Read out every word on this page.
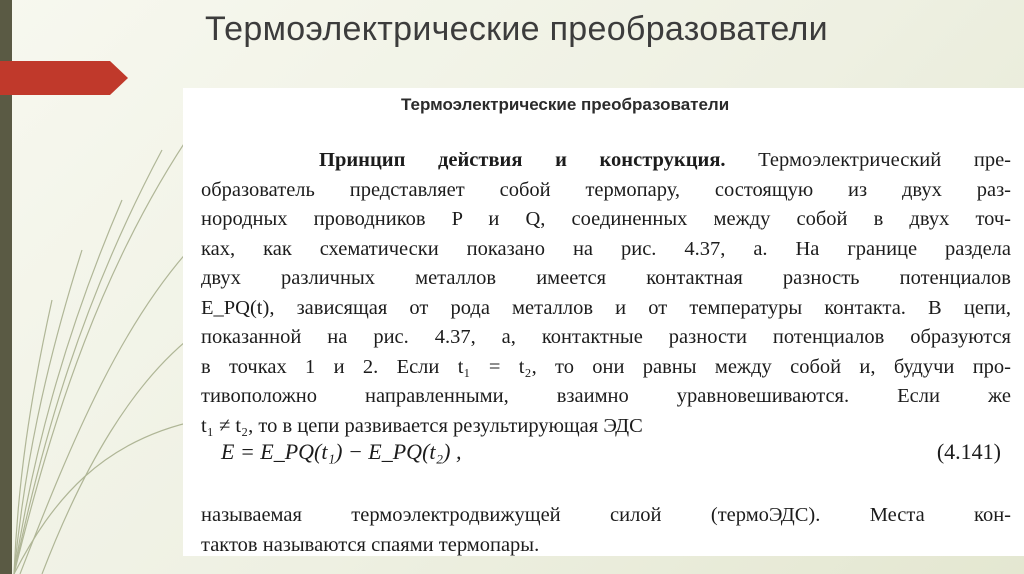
Термоэлектрические преобразователи
Термоэлектрические преобразователи
Принцип действия и конструкция. Термоэлектрический пре-
образователь представляет собой термопару, состоящую из двух раз-
нородных проводников P и Q, соединенных между собой в двух точ-
ках, как схематически показано на рис. 4.37, a. На границе раздела
двух различных металлов имеется контактная разность потенциалов
E_PQ(t), зависящая от рода металлов и от температуры контакта. В цепи,
показанной на рис. 4.37, a, контактные разности потенциалов образуются
в точках 1 и 2. Если t₁ = t₂, то они равны между собой и, будучи про-
тивоположно направленными, взаимно уравновешиваются. Если же
t₁ ≠ t₂, то в цепи развивается результирующая ЭДС
E = E_PQ(t₁) − E_PQ(t₂) ,	(4.141)
называемая термоэлектродвижущей силой (термоЭДС). Места кон-
тактов называются спаями термопары.
